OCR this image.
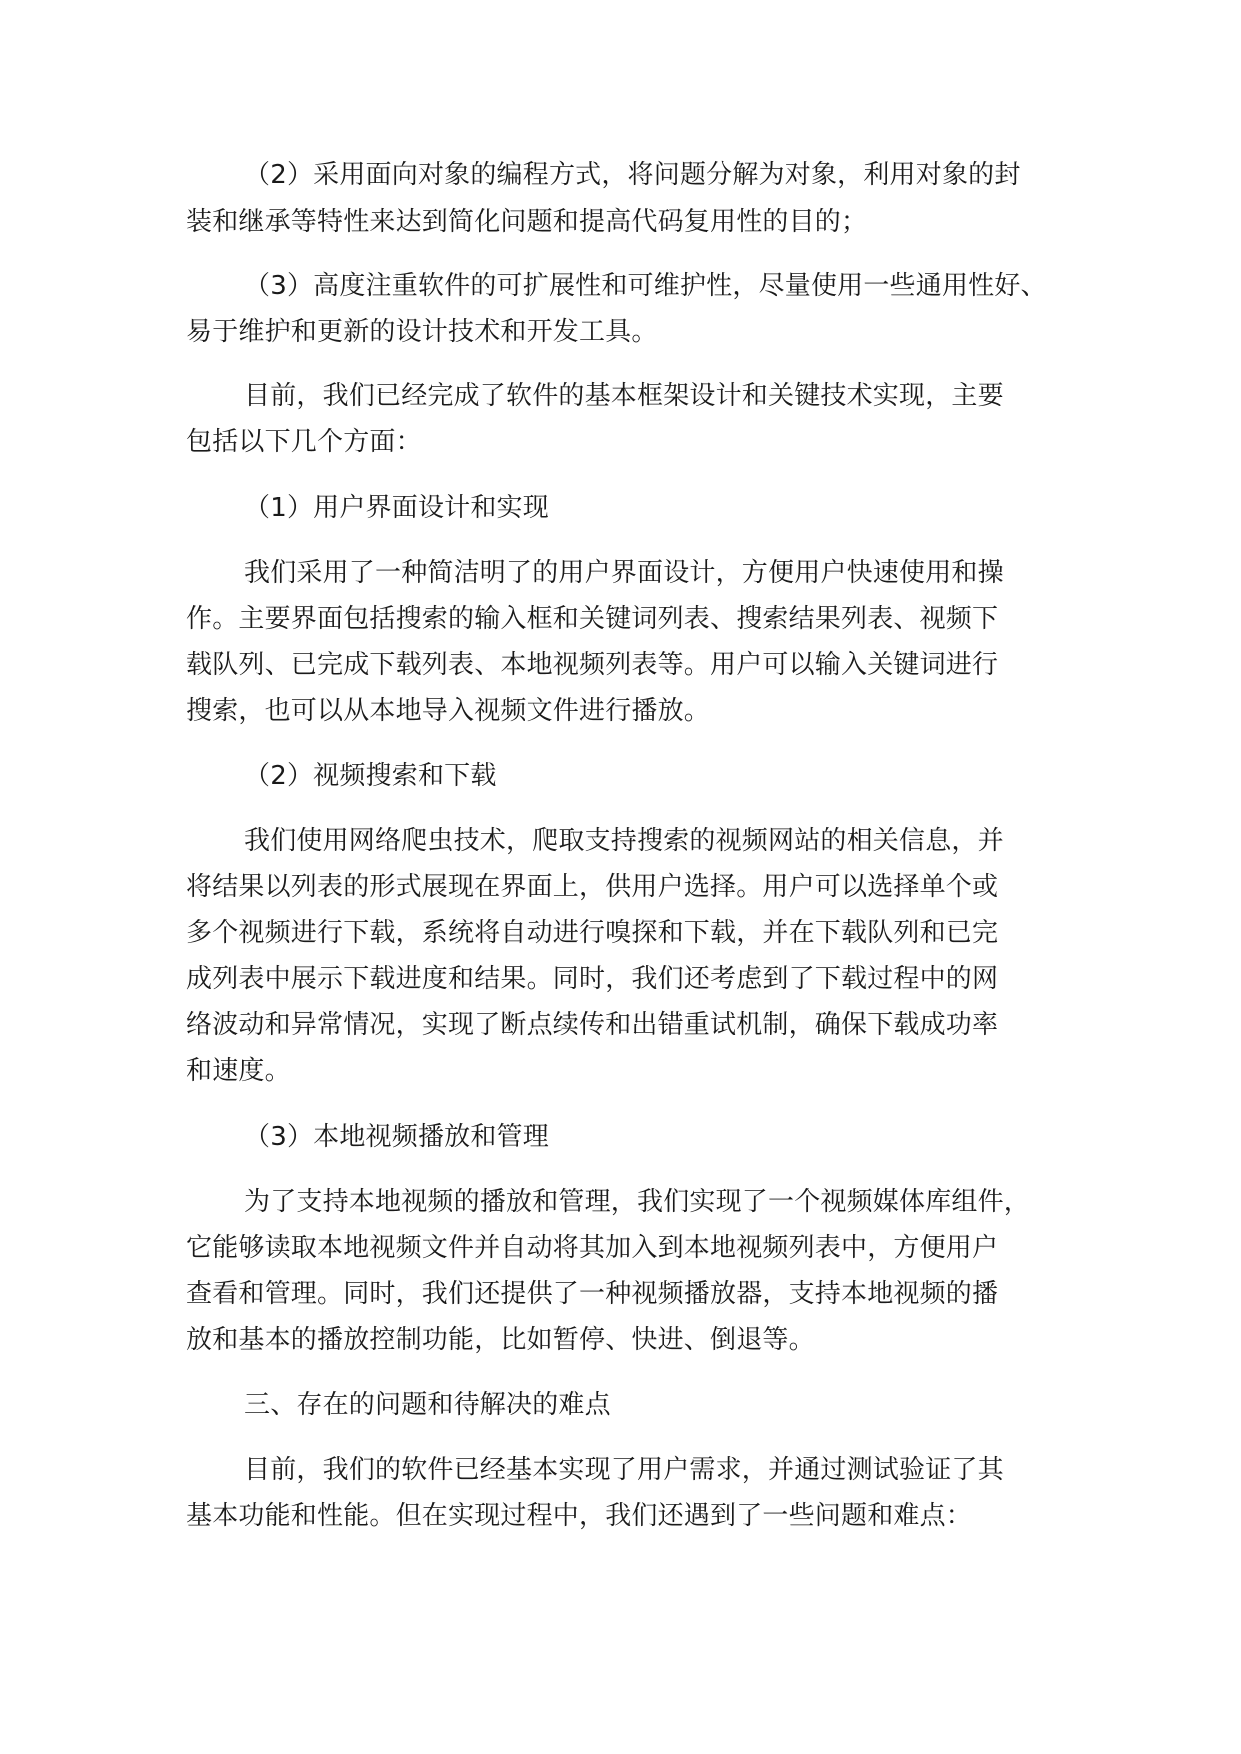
（2）采用面向对象的编程方式，将问题分解为对象，利用对象的封
装和继承等特性来达到简化问题和提高代码复用性的目的；
（3）高度注重软件的可扩展性和可维护性，尽量使用一些通用性好、
易于维护和更新的设计技术和开发工具。
目前，我们已经完成了软件的基本框架设计和关键技术实现，主要
包括以下几个方面：
（1）用户界面设计和实现
我们采用了一种简洁明了的用户界面设计，方便用户快速使用和操
作。主要界面包括搜索的输入框和关键词列表、搜索结果列表、视频下
载队列、已完成下载列表、本地视频列表等。用户可以输入关键词进行
搜索，也可以从本地导入视频文件进行播放。
（2）视频搜索和下载
我们使用网络爬虫技术，爬取支持搜索的视频网站的相关信息，并
将结果以列表的形式展现在界面上，供用户选择。用户可以选择单个或
多个视频进行下载，系统将自动进行嗅探和下载，并在下载队列和已完
成列表中展示下载进度和结果。同时，我们还考虑到了下载过程中的网
络波动和异常情况，实现了断点续传和出错重试机制，确保下载成功率
和速度。
（3）本地视频播放和管理
为了支持本地视频的播放和管理，我们实现了一个视频媒体库组件，
它能够读取本地视频文件并自动将其加入到本地视频列表中，方便用户
查看和管理。同时，我们还提供了一种视频播放器，支持本地视频的播
放和基本的播放控制功能，比如暂停、快进、倒退等。
三、存在的问题和待解决的难点
目前，我们的软件已经基本实现了用户需求，并通过测试验证了其
基本功能和性能。但在实现过程中，我们还遇到了一些问题和难点：
